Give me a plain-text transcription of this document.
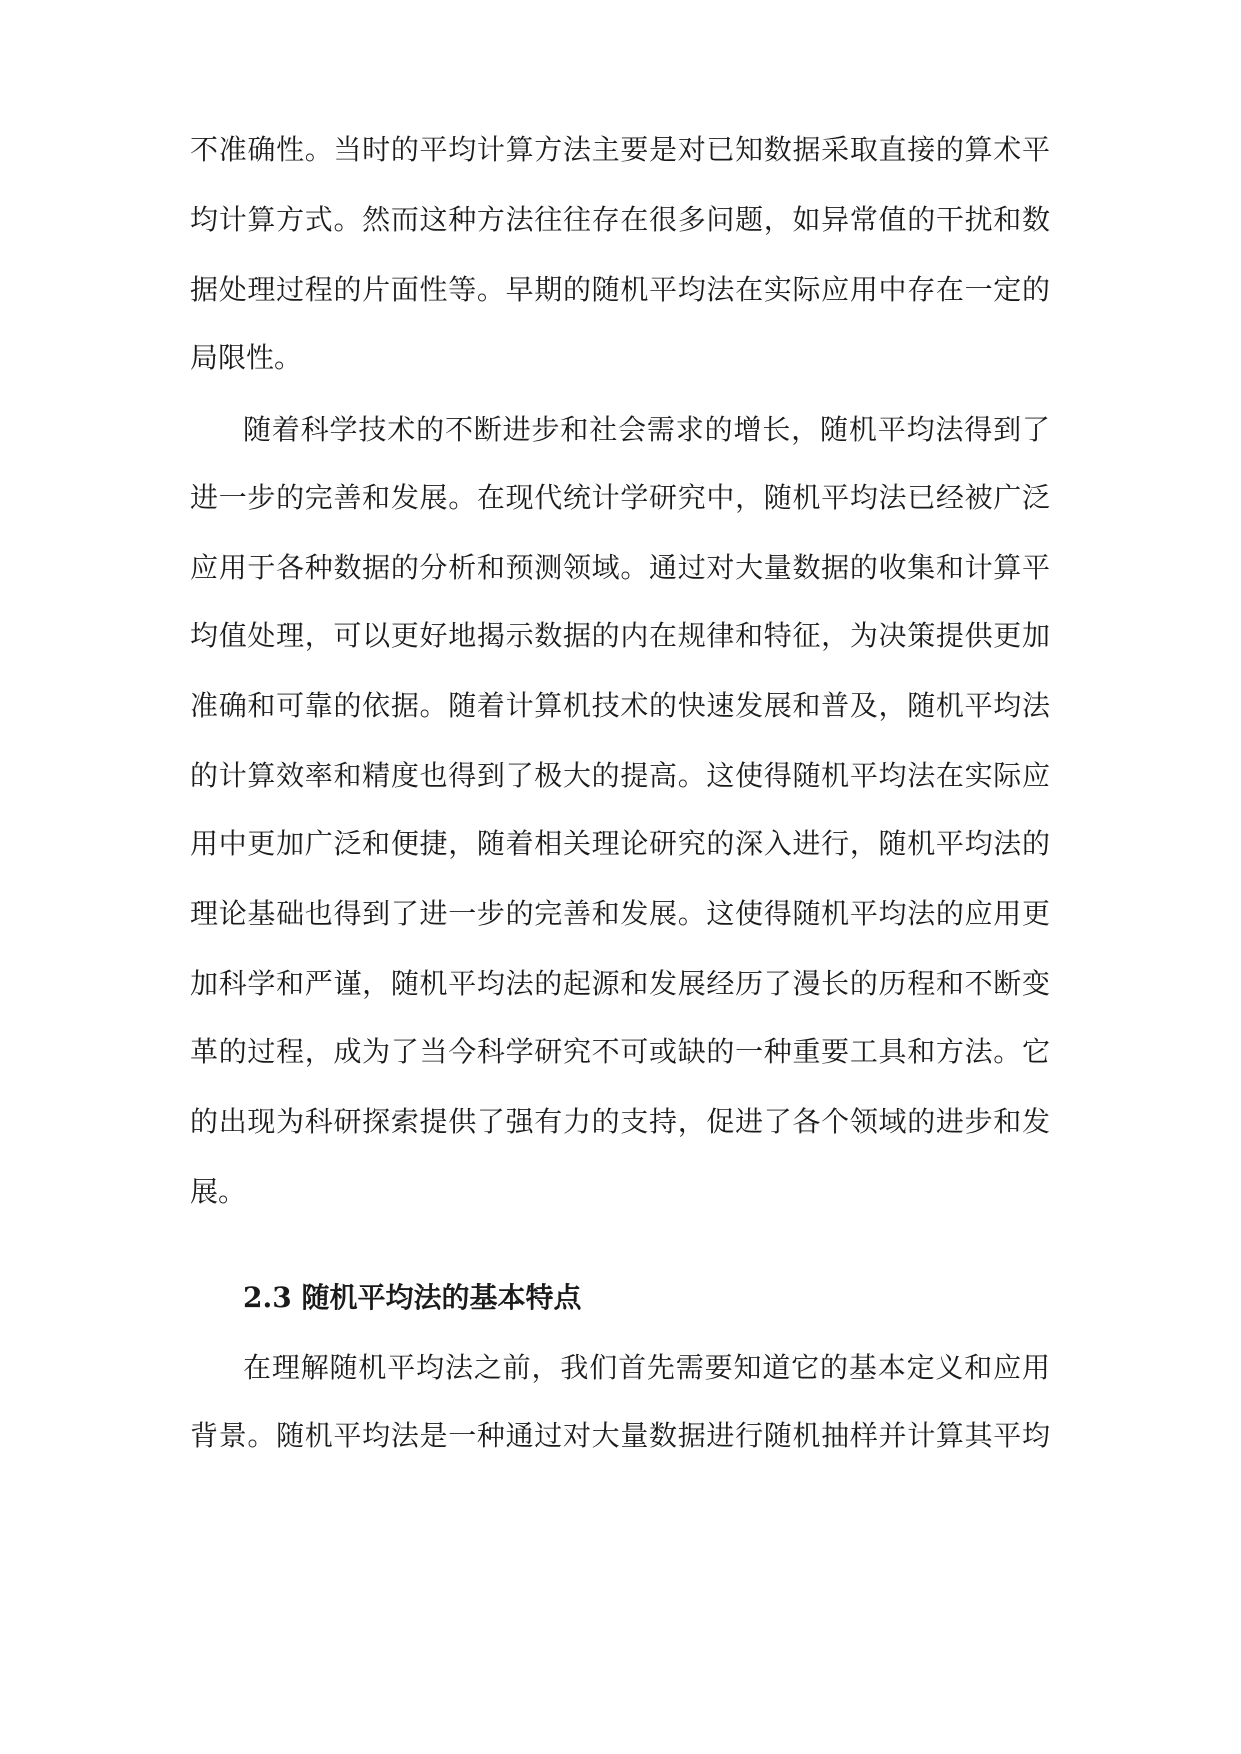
不准确性。当时的平均计算方法主要是对已知数据采取直接的算术平
均计算方式。然而这种方法往往存在很多问题，如异常值的干扰和数
据处理过程的片面性等。早期的随机平均法在实际应用中存在一定的
局限性。
随着科学技术的不断进步和社会需求的增长，随机平均法得到了
进一步的完善和发展。在现代统计学研究中，随机平均法已经被广泛
应用于各种数据的分析和预测领域。通过对大量数据的收集和计算平
均值处理，可以更好地揭示数据的内在规律和特征，为决策提供更加
准确和可靠的依据。随着计算机技术的快速发展和普及，随机平均法
的计算效率和精度也得到了极大的提高。这使得随机平均法在实际应
用中更加广泛和便捷，随着相关理论研究的深入进行，随机平均法的
理论基础也得到了进一步的完善和发展。这使得随机平均法的应用更
加科学和严谨，随机平均法的起源和发展经历了漫长的历程和不断变
革的过程，成为了当今科学研究不可或缺的一种重要工具和方法。它
的出现为科研探索提供了强有力的支持，促进了各个领域的进步和发
展。
2.3 随机平均法的基本特点
在理解随机平均法之前，我们首先需要知道它的基本定义和应用
背景。随机平均法是一种通过对大量数据进行随机抽样并计算其平均
